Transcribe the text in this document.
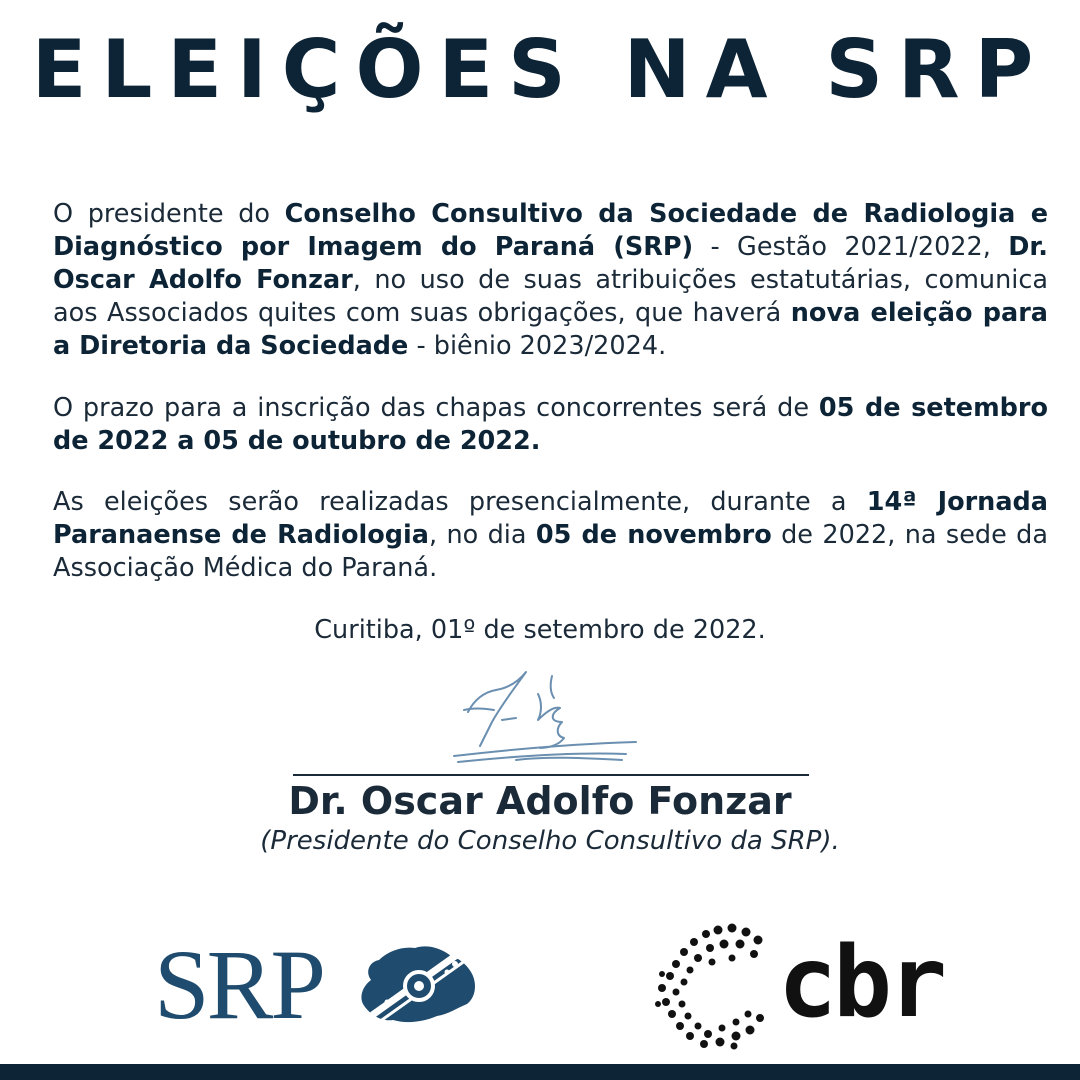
ELEIÇÕES NA SRP

O presidente do Conselho Consultivo da Sociedade de Radiologia e Diagnóstico por Imagem do Paraná (SRP) - Gestão 2021/2022, Dr. Oscar Adolfo Fonzar, no uso de suas atribuições estatutárias, comunica aos Associados quites com suas obrigações, que haverá nova eleição para a Diretoria da Sociedade - biênio 2023/2024.

O prazo para a inscrição das chapas concorrentes será de 05 de setembro de 2022 a 05 de outubro de 2022.

As eleições serão realizadas presencialmente, durante a 14ª Jornada Paranaense de Radiologia, no dia 05 de novembro de 2022, na sede da Associação Médica do Paraná.

Curitiba, 01º de setembro de 2022.

Dr. Oscar Adolfo Fonzar

(Presidente do Conselho Consultivo da SRP).

SRP	cbr
